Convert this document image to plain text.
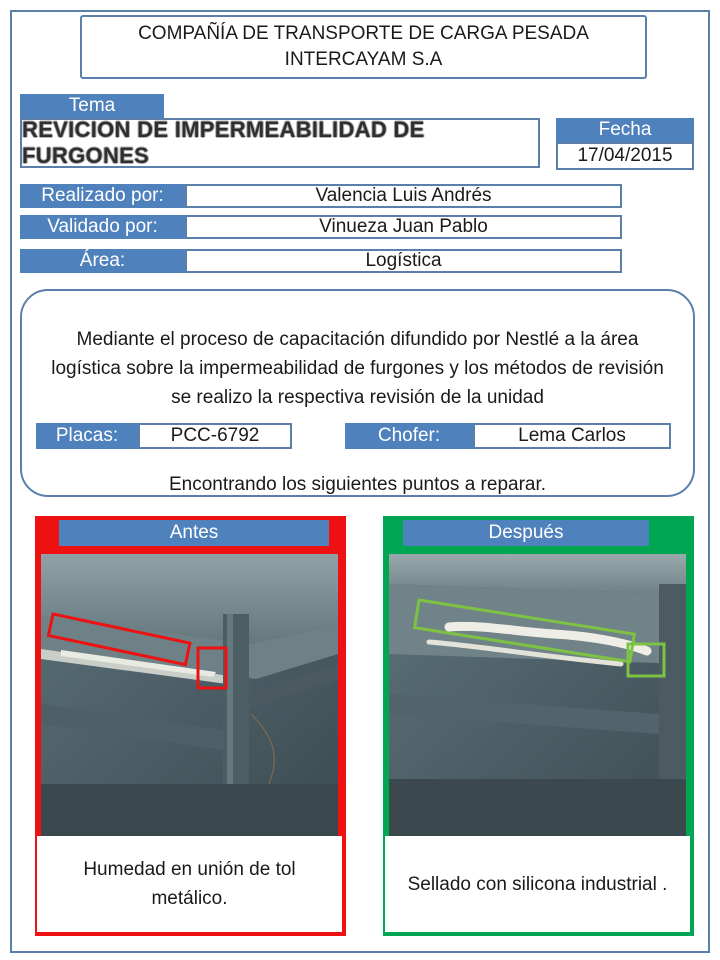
COMPAÑÍA DE TRANSPORTE DE CARGA PESADA INTERCAYAM S.A
Tema
REVICION DE IMPERMEABILIDAD DE FURGONES
Fecha
17/04/2015
Realizado por:	Valencia Luis Andrés
Validado por:	Vinueza Juan Pablo
Área:	Logística
Mediante el proceso de capacitación difundido por Nestlé a la área logística sobre la impermeabilidad de furgones y los métodos de revisión se realizo la respectiva revisión de la unidad
Placas:	PCC-6792	Chofer:	Lema Carlos
Encontrando los siguientes puntos a reparar.
Antes
Humedad en unión de tol metálico.
Después
Sellado con silicona industrial .
